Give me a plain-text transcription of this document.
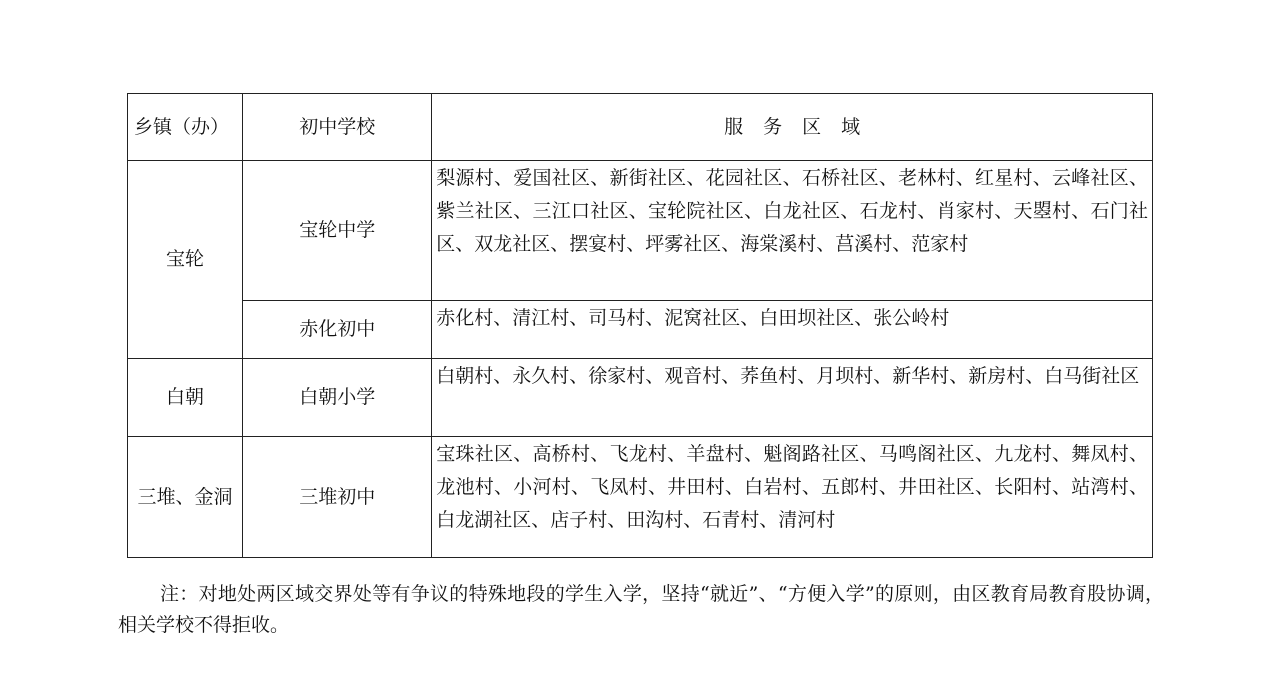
乡镇（办）	初中学校	服务区域
宝轮	宝轮中学	梨源村、爱国社区、新街社区、花园社区、石桥社区、老林村、红星村、云峰社区、紫兰社区、三江口社区、宝轮院社区、白龙社区、石龙村、肖家村、天曌村、石门社区、双龙社区、摆宴村、坪雾社区、海棠溪村、莒溪村、范家村
	赤化初中	赤化村、清江村、司马村、泥窝社区、白田坝社区、张公岭村
白朝	白朝小学	白朝村、永久村、徐家村、观音村、荞鱼村、月坝村、新华村、新房村、白马街社区
三堆、金洞	三堆初中	宝珠社区、高桥村、飞龙村、羊盘村、魁阁路社区、马鸣阁社区、九龙村、舞凤村、龙池村、小河村、飞凤村、井田村、白岩村、五郎村、井田社区、长阳村、站湾村、白龙湖社区、店子村、田沟村、石青村、清河村

注：对地处两区域交界处等有争议的特殊地段的学生入学，坚持“就近”、“方便入学”的原则，由区教育局教育股协调，相关学校不得拒收。
